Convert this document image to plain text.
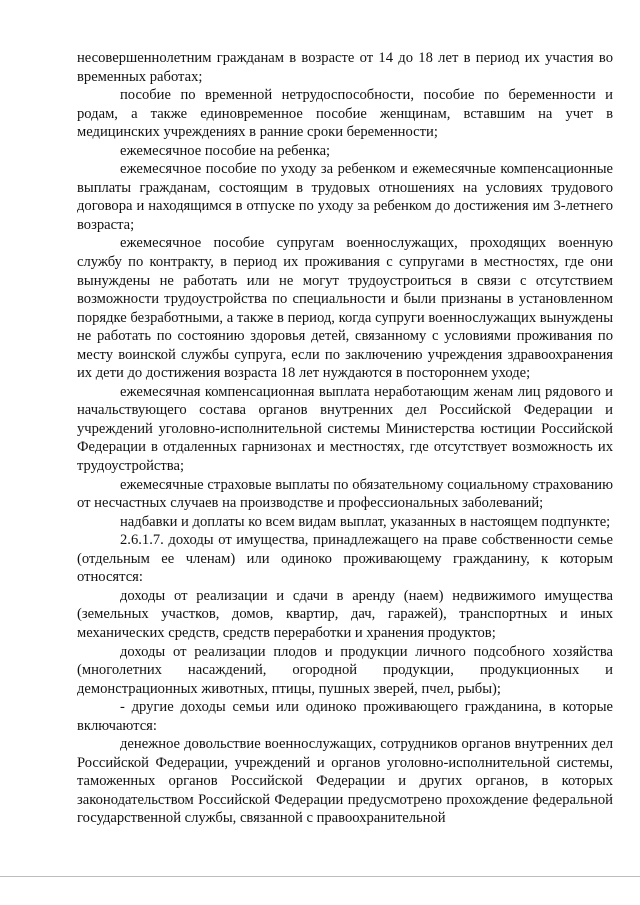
несовершеннолетним гражданам в возрасте от 14 до 18 лет в период их участия во временных работах;

пособие по временной нетрудоспособности, пособие по беременности и родам, а также единовременное пособие женщинам, вставшим на учет в медицинских учреждениях в ранние сроки беременности;

ежемесячное пособие на ребенка;

ежемесячное пособие по уходу за ребенком и ежемесячные компенсационные выплаты гражданам, состоящим в трудовых отношениях на условиях трудового договора и находящимся в отпуске по уходу за ребенком до достижения им 3-летнего возраста;

ежемесячное пособие супругам военнослужащих, проходящих военную службу по контракту, в период их проживания с супругами в местностях, где они вынуждены не работать или не могут трудоустроиться в связи с отсутствием возможности трудоустройства по специальности и были признаны в установленном порядке безработными, а также в период, когда супруги военнослужащих вынуждены не работать по состоянию здоровья детей, связанному с условиями проживания по месту воинской службы супруга, если по заключению учреждения здравоохранения их дети до достижения возраста 18 лет нуждаются в постороннем уходе;

ежемесячная компенсационная выплата неработающим женам лиц рядового и начальствующего состава органов внутренних дел Российской Федерации и учреждений уголовно-исполнительной системы Министерства юстиции Российской Федерации в отдаленных гарнизонах и местностях, где отсутствует возможность их трудоустройства;

ежемесячные страховые выплаты по обязательному социальному страхованию от несчастных случаев на производстве и профессиональных заболеваний;

надбавки и доплаты ко всем видам выплат, указанных в настоящем подпункте;

2.6.1.7. доходы от имущества, принадлежащего на праве собственности семье (отдельным ее членам) или одиноко проживающему гражданину, к которым относятся:

доходы от реализации и сдачи в аренду (наем) недвижимого имущества (земельных участков, домов, квартир, дач, гаражей), транспортных и иных механических средств, средств переработки и хранения продуктов;

доходы от реализации плодов и продукции личного подсобного хозяйства (многолетних насаждений, огородной продукции, продукционных и демонстрационных животных, птицы, пушных зверей, пчел, рыбы);

- другие доходы семьи или одиноко проживающего гражданина, в которые включаются:

денежное довольствие военнослужащих, сотрудников органов внутренних дел Российской Федерации, учреждений и органов уголовно-исполнительной системы, таможенных органов Российской Федерации и других органов, в которых законодательством Российской Федерации предусмотрено прохождение федеральной государственной службы, связанной с правоохранительной
